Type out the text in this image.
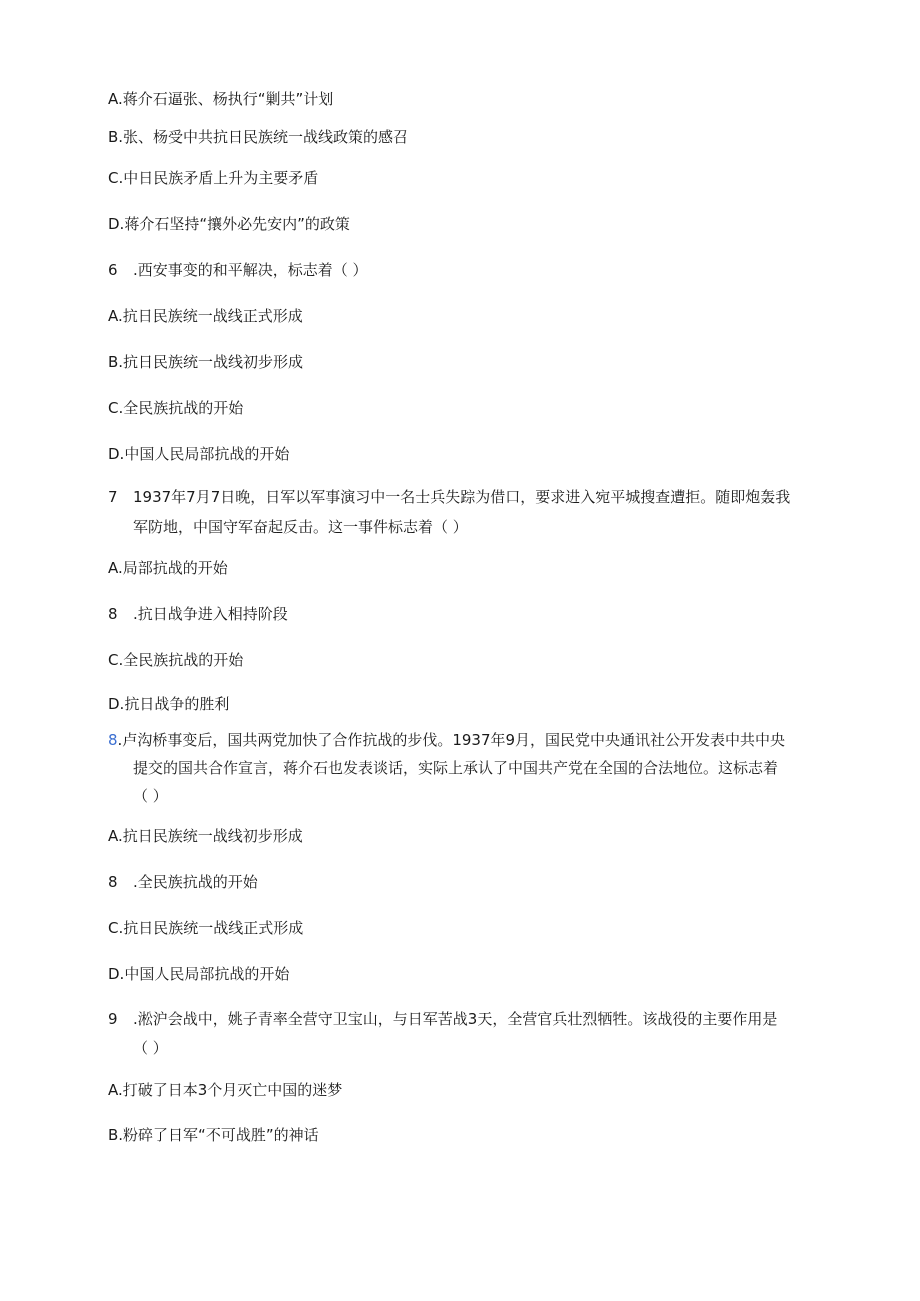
A.蒋介石逼张、杨执行“剿共”计划
B.张、杨受中共抗日民族统一战线政策的感召
C.中日民族矛盾上升为主要矛盾
D.蒋介石坚持“攘外必先安内”的政策
6 .西安事变的和平解决，标志着（ ）
A.抗日民族统一战线正式形成
B.抗日民族统一战线初步形成
C.全民族抗战的开始
D.中国人民局部抗战的开始
7 1937年7月7日晚，日军以军事演习中一名士兵失踪为借口，要求进入宛平城搜查遭拒。随即炮轰我
军防地，中国守军奋起反击。这一事件标志着（ ）
A.局部抗战的开始
8 .抗日战争进入相持阶段
C.全民族抗战的开始
D.抗日战争的胜利
8.卢沟桥事变后，国共两党加快了合作抗战的步伐。1937年9月，国民党中央通讯社公开发表中共中央
提交的国共合作宣言，蒋介石也发表谈话，实际上承认了中国共产党在全国的合法地位。这标志着
（ ）
A.抗日民族统一战线初步形成
8 .全民族抗战的开始
C.抗日民族统一战线正式形成
D.中国人民局部抗战的开始
9 .淞沪会战中，姚子青率全营守卫宝山，与日军苦战3天，全营官兵壮烈牺牲。该战役的主要作用是
（ ）
A.打破了日本3个月灭亡中国的迷梦
B.粉碎了日军“不可战胜”的神话
